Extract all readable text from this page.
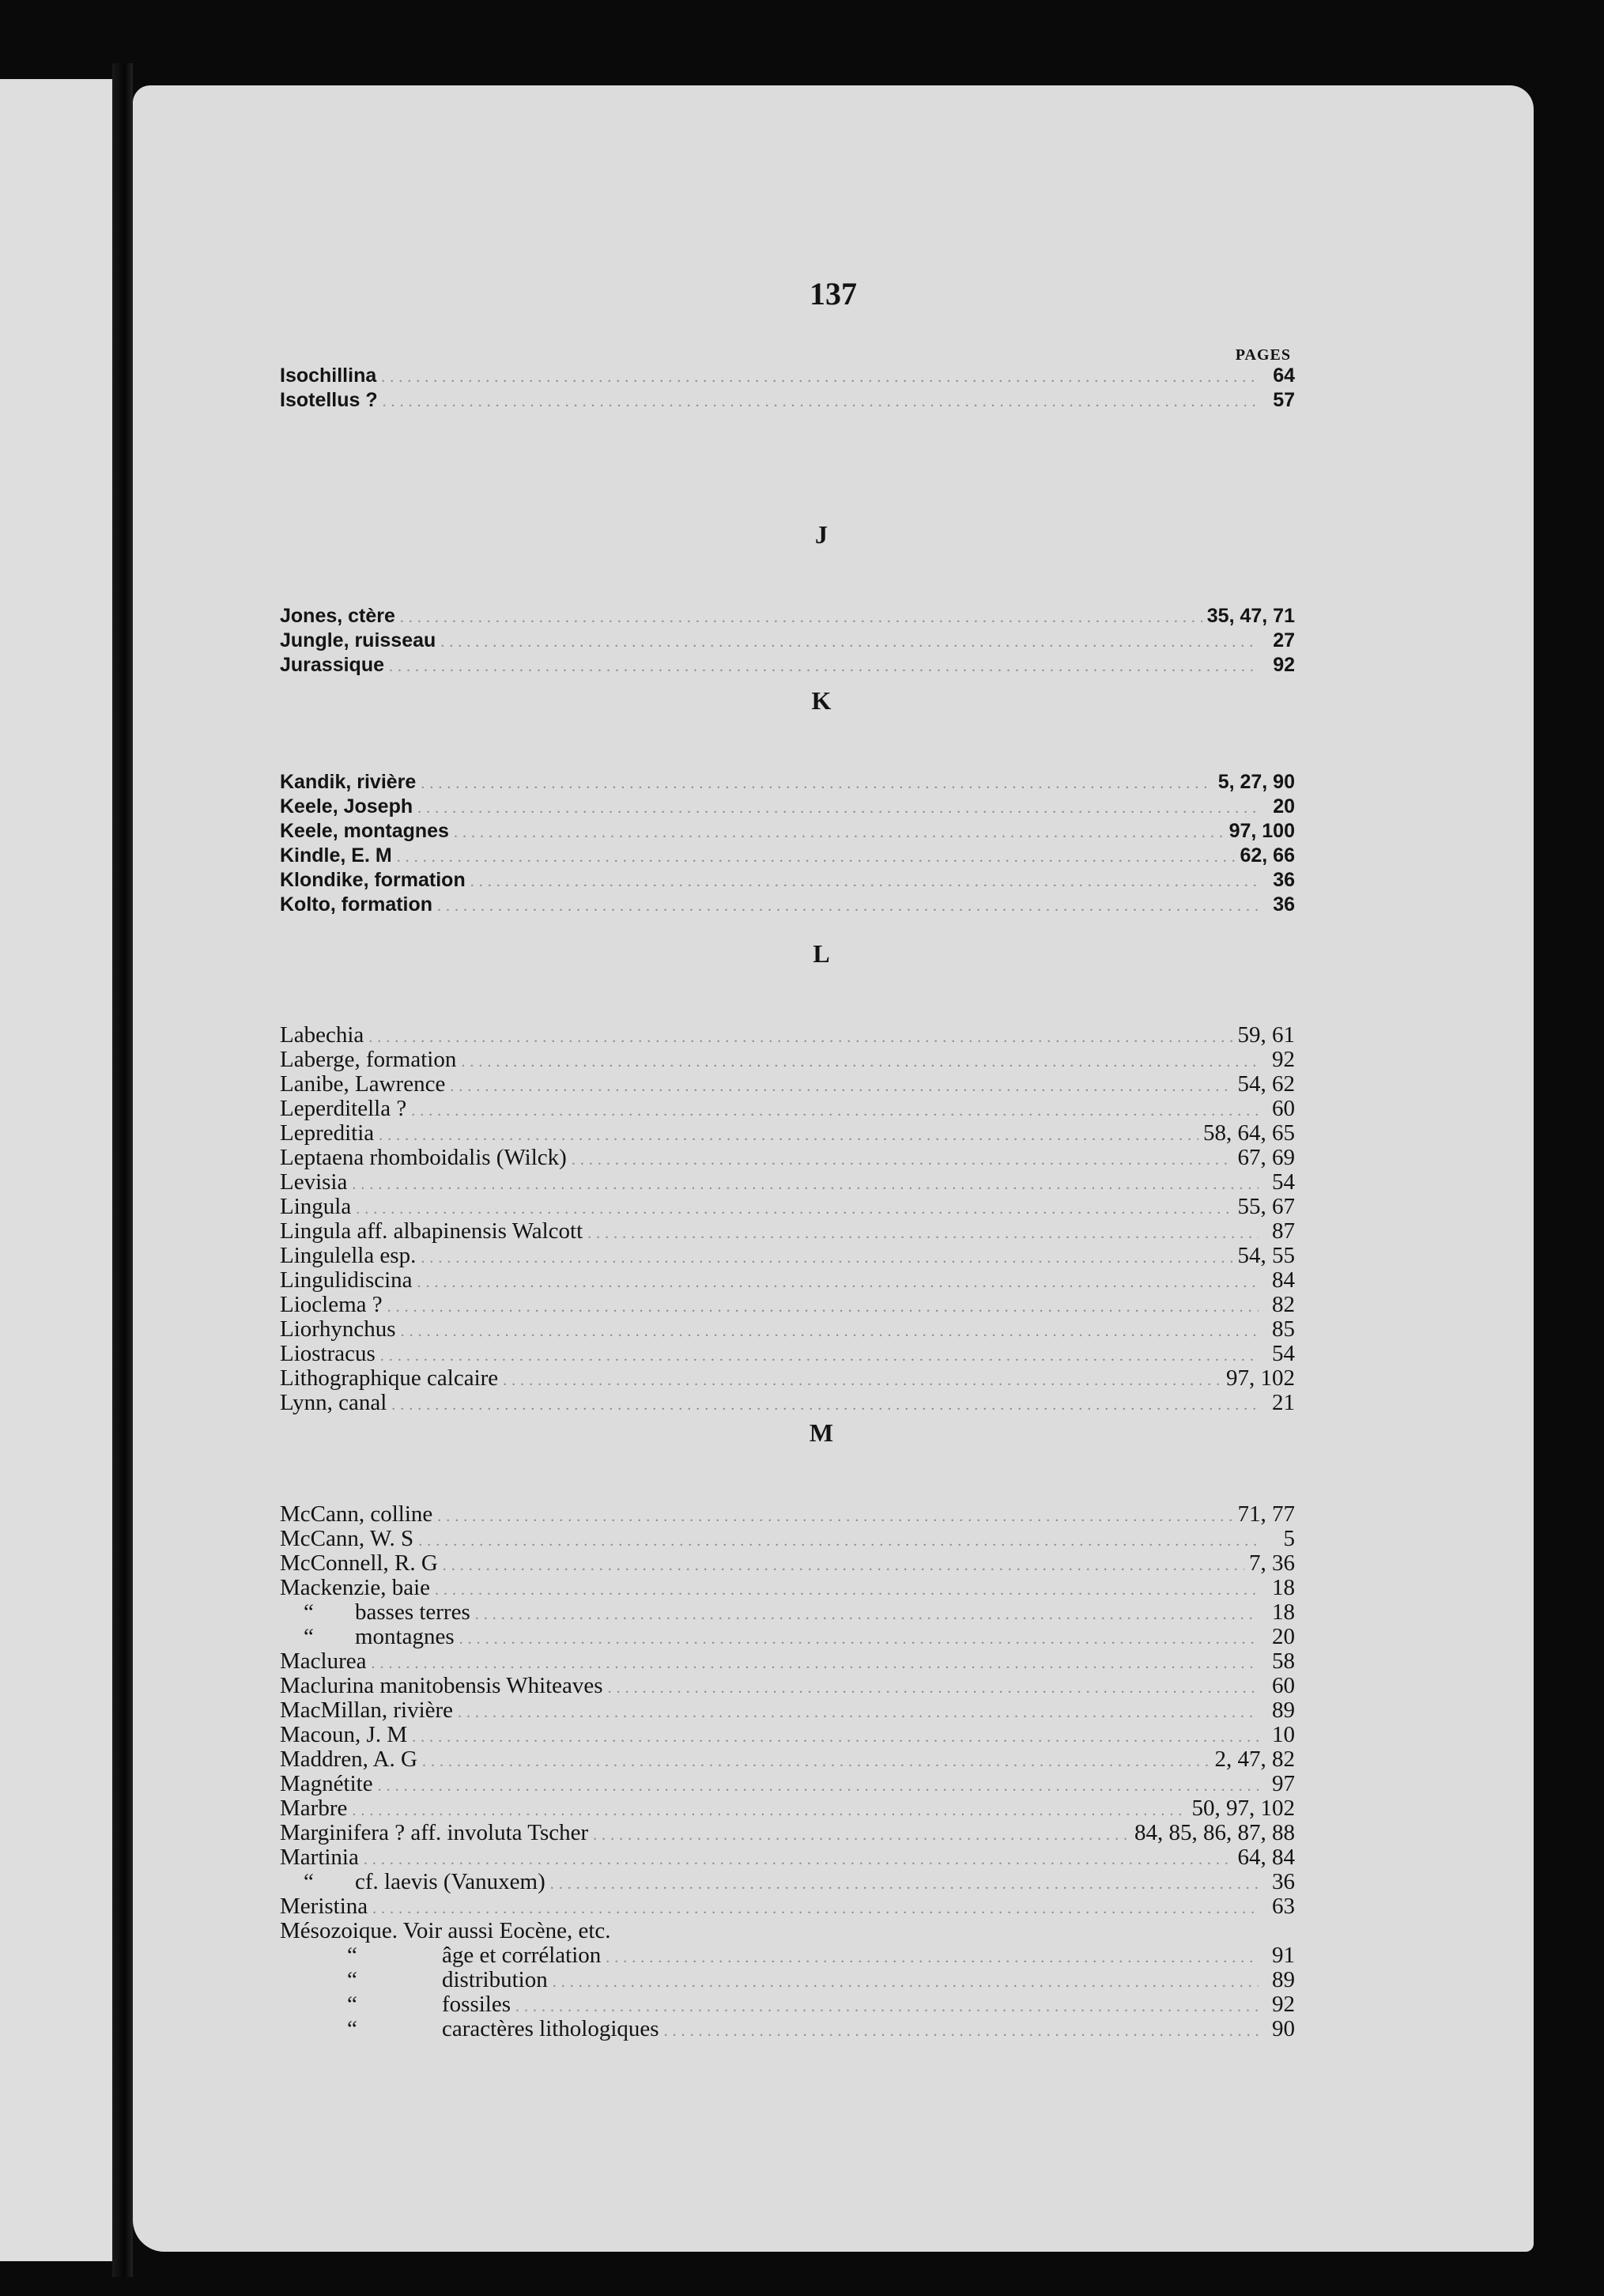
137
PAGES
Isochillina .....	64
Isotellus ? .....	57
J
Jones, ctère .....	35, 47, 71
Jungle, ruisseau .....	27
Jurassique .....	92
K
Kandik, rivière .....	5, 27, 90
Keele, Joseph .....	20
Keele, montagnes .....	97, 100
Kindle, E. M .....	62, 66
Klondike, formation .....	36
Kolto, formation .....	36
L
Labechia .....	59, 61
Laberge, formation .....	92
Lanibe, Lawrence .....	54, 62
Leperditella ? .....	60
Lepreditia .....	58, 64, 65
Leptaena rhomboidalis (Wilck) .....	67, 69
Levisia .....	54
Lingula .....	55, 67
Lingula aff. albapinensis Walcott .....	87
Lingulella esp. .....	54, 55
Lingulidiscina .....	84
Lioclema ? .....	82
Liorhynchus .....	85
Liostracus .....	54
Lithographique calcaire .....	97, 102
Lynn, canal .....	21
M
McCann, colline .....	71, 77
McCann, W. S .....	5
McConnell, R. G .....	7, 36
Mackenzie, baie .....	18
“	basses terres .....	18
“	montagnes .....	20
Maclurea .....	58
Maclurina manitobensis Whiteaves .....	60
MacMillan, rivière .....	89
Macoun, J. M .....	10
Maddren, A. G .....	2, 47, 82
Magnétite .....	97
Marbre .....	50, 97, 102
Marginifera ? aff. involuta Tscher .....	84, 85, 86, 87, 88
Martinia .....	64, 84
“	cf. laevis (Vanuxem) .....	36
Meristina .....	63
Mésozoique. Voir aussi Eocène, etc.
“	âge et corrélation .....	91
“	distribution .....	89
“	fossiles .....	92
“	caractères lithologiques .....	90
